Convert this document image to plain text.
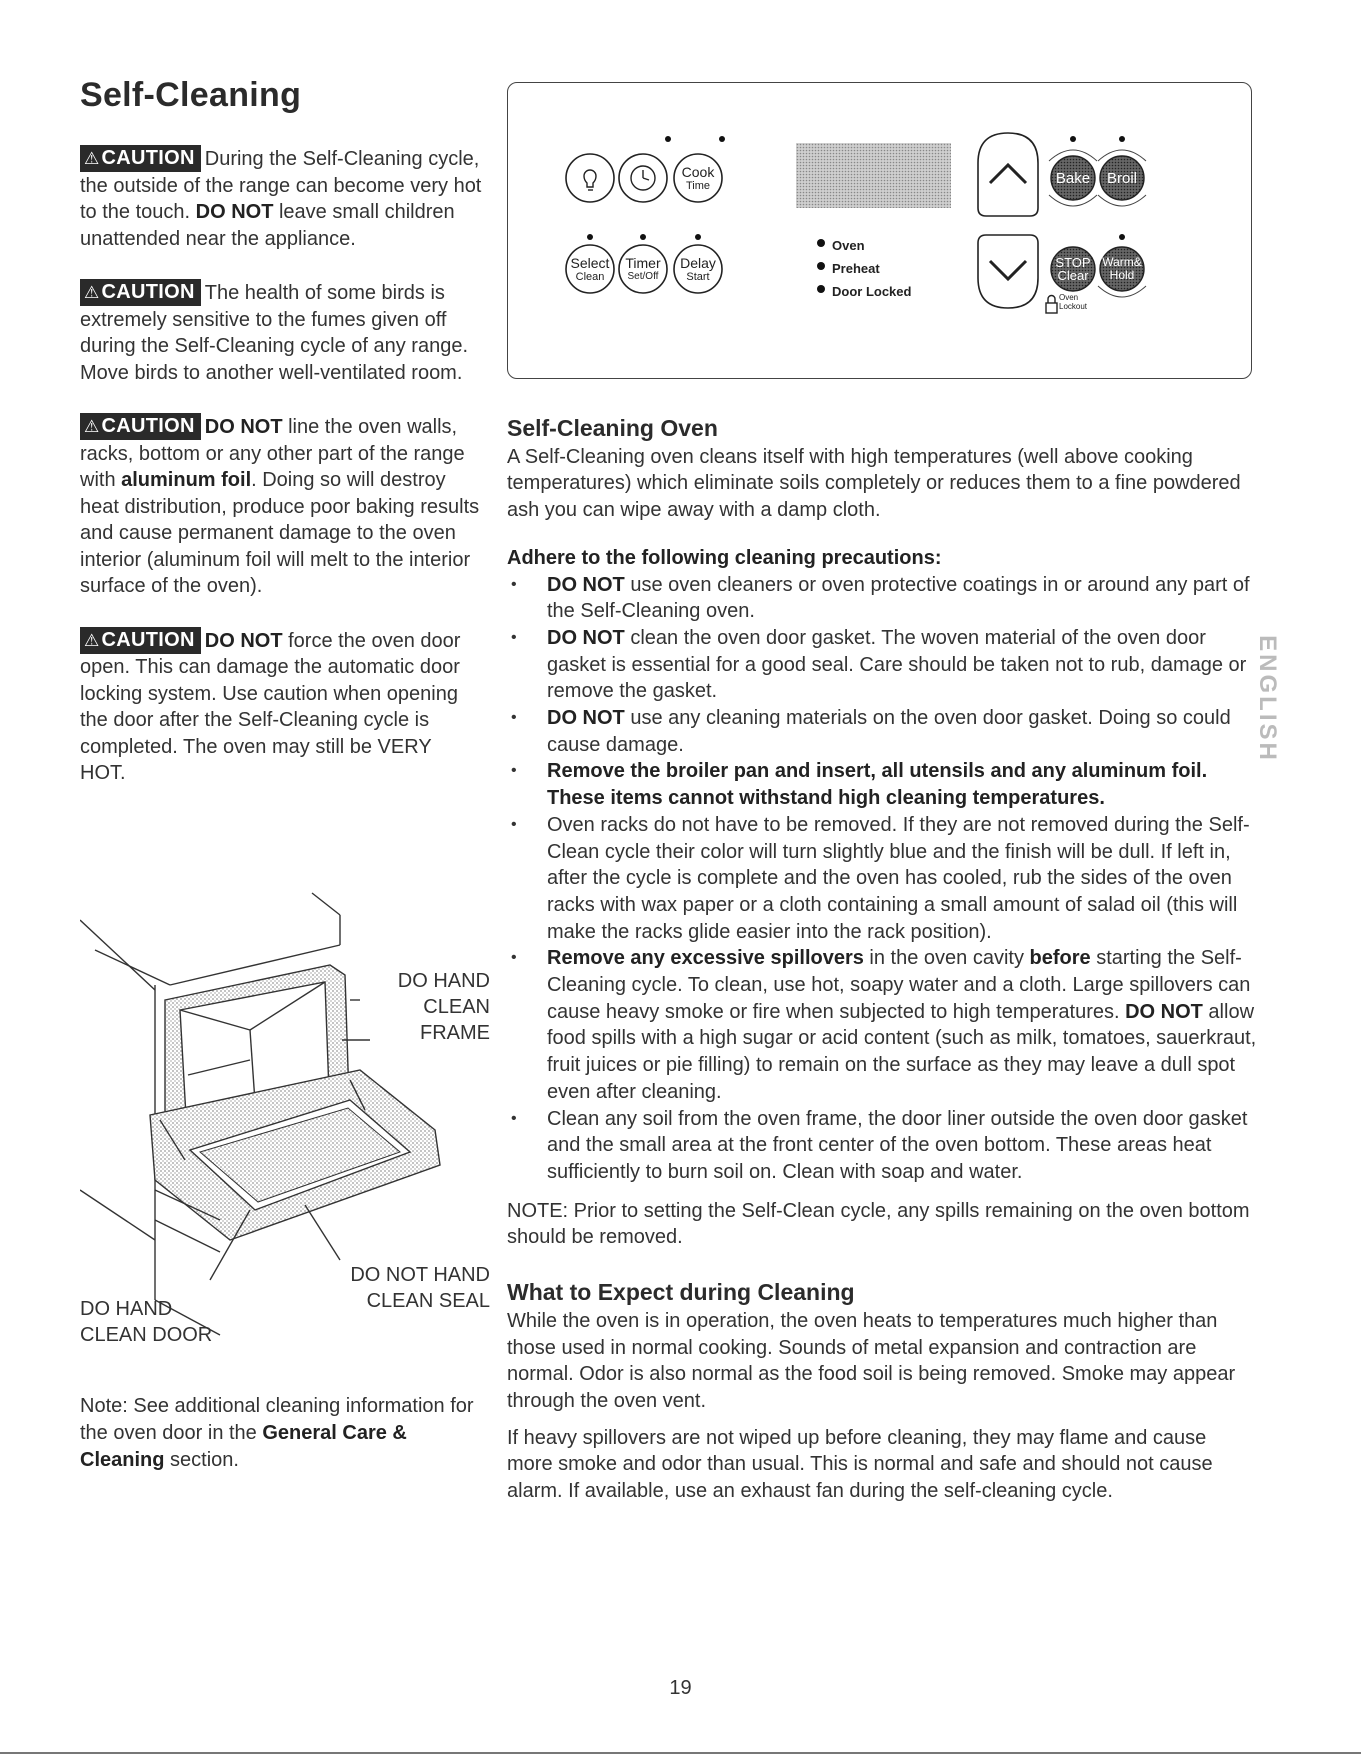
Self-Cleaning

⚠ CAUTION During the Self-Cleaning cycle, the outside of the range can become very hot to the touch. DO NOT leave small children unattended near the appliance.

⚠ CAUTION The health of some birds is extremely sensitive to the fumes given off during the Self-Cleaning cycle of any range. Move birds to another well-ventilated room.

⚠ CAUTION DO NOT line the oven walls, racks, bottom or any other part of the range with aluminum foil. Doing so will destroy heat distribution, produce poor baking results and cause permanent damage to the oven interior (aluminum foil will melt to the interior surface of the oven).

⚠ CAUTION DO NOT force the oven door open. This can damage the automatic door locking system. Use caution when opening the door after the Self-Cleaning cycle is completed. The oven may still be VERY HOT.

DO HAND
CLEAN
FRAME
DO NOT HAND
CLEAN SEAL
DO HAND
CLEAN DOOR
Note: See additional cleaning information for the oven door in the General Care & Cleaning section.
Cook
Time
Select
Clean
Timer
Set/Off
Delay
Start
Oven
Preheat
Door Locked
Bake	Broil
STOP
Clear
Warm&
Hold
Oven
Lockout
Self-Cleaning Oven

A Self-Cleaning oven cleans itself with high temperatures (well above cooking temperatures) which eliminate soils completely or reduces them to a fine powdered ash you can wipe away with a damp cloth.

Adhere to the following cleaning precautions:

• DO NOT use oven cleaners or oven protective coatings in or around any part of the Self-Cleaning oven.
• DO NOT clean the oven door gasket. The woven material of the oven door gasket is essential for a good seal. Care should be taken not to rub, damage or remove the gasket.
• DO NOT use any cleaning materials on the oven door gasket. Doing so could cause damage.
• Remove the broiler pan and insert, all utensils and any aluminum foil. These items cannot withstand high cleaning temperatures.
• Oven racks do not have to be removed. If they are not removed during the Self-Clean cycle their color will turn slightly blue and the finish will be dull. If left in, after the cycle is complete and the oven has cooled, rub the sides of the oven racks with wax paper or a cloth containing a small amount of salad oil (this will make the racks glide easier into the rack position).
• Remove any excessive spillovers in the oven cavity before starting the Self-Cleaning cycle. To clean, use hot, soapy water and a cloth. Large spillovers can cause heavy smoke or fire when subjected to high temperatures. DO NOT allow food spills with a high sugar or acid content (such as milk, tomatoes, sauerkraut, fruit juices or pie filling) to remain on the surface as they may leave a dull spot even after cleaning.
• Clean any soil from the oven frame, the door liner outside the oven door gasket and the small area at the front center of the oven bottom. These areas heat sufficiently to burn soil on. Clean with soap and water.

NOTE: Prior to setting the Self-Clean cycle, any spills remaining on the oven bottom should be removed.

What to Expect during Cleaning

While the oven is in operation, the oven heats to temperatures much higher than those used in normal cooking. Sounds of metal expansion and contraction are normal. Odor is also normal as the food soil is being removed. Smoke may appear through the oven vent.

If heavy spillovers are not wiped up before cleaning, they may flame and cause more smoke and odor than usual. This is normal and safe and should not cause alarm. If available, use an exhaust fan during the self-cleaning cycle.

ENGLISH
19
